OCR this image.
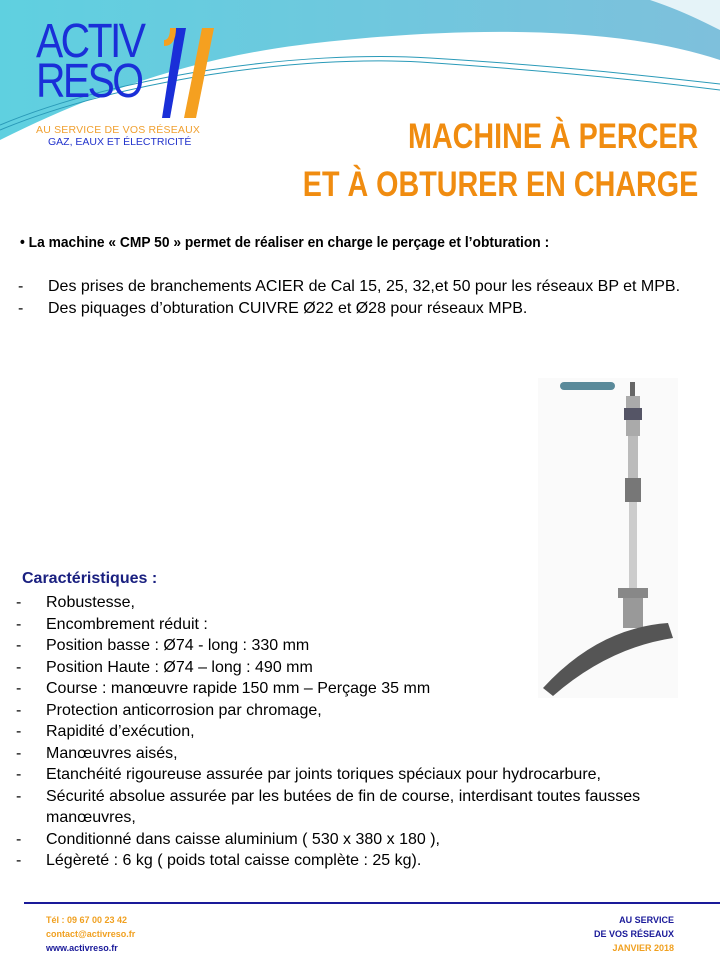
ACTIV
RESO
AU SERVICE DE VOS RÉSEAUX
GAZ, EAUX ET ÉLECTRICITÉ	MACHINE À PERCER
ET À OBTURER EN CHARGE
• La machine « CMP 50 » permet de réaliser en charge le perçage et l’obturation :
-	Des prises de branchements ACIER de Cal 15, 25, 32,et 50 pour les réseaux BP et MPB.
-	Des piquages d’obturation CUIVRE Ø22 et Ø28 pour réseaux MPB.
Caractéristiques :
-	Robustesse,
-	Encombrement réduit :
-	Position basse : Ø74 - long : 330 mm
-	Position Haute : Ø74 – long : 490 mm
-	Course : manœuvre rapide 150 mm – Perçage 35 mm
-	Protection anticorrosion par chromage,
-	Rapidité d’exécution,
-	Manœuvres aisés,
-	Etanchéité rigoureuse assurée par joints toriques spéciaux pour hydrocarbure,
-	Sécurité absolue assurée par les butées de fin de course, interdisant toutes fausses manœuvres,
-	Conditionné dans caisse aluminium ( 530 x 380 x 180 ),
-	Légèreté : 6 kg ( poids total caisse complète : 25 kg).
Tél : 09 67 00 23 42
contact@activreso.fr
www.activreso.fr
AU SERVICE
DE VOS RÉSEAUX
JANVIER 2018
